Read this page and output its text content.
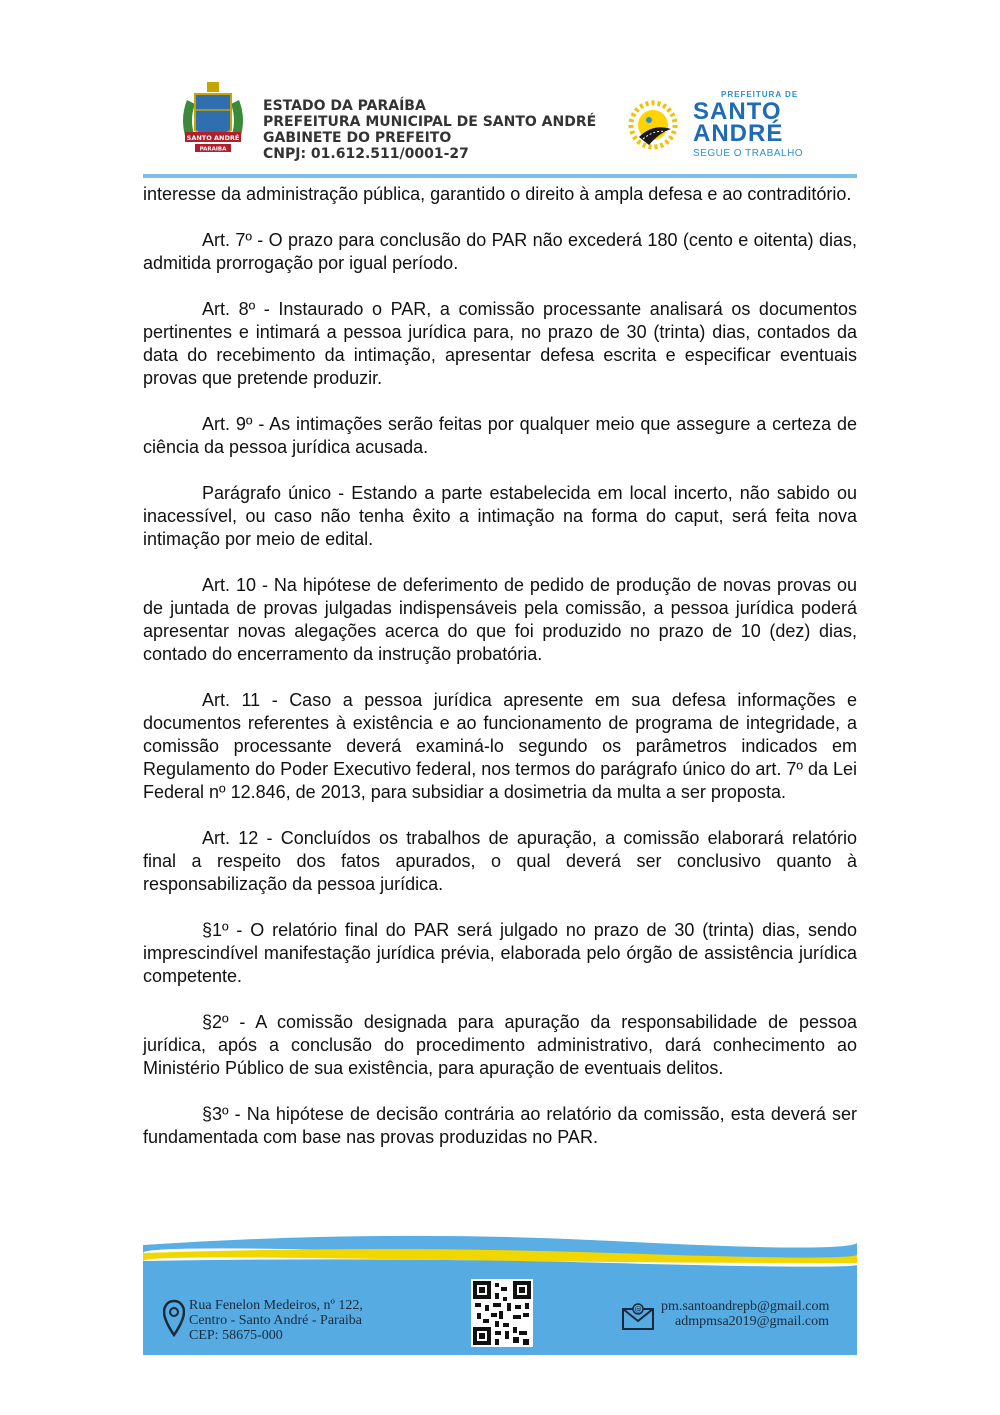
SANTO ANDRÉ
PARAIBA
ESTADO DA PARAÍBA
PREFEITURA MUNICIPAL DE SANTO ANDRÉ
GABINETE DO PREFEITO
CNPJ: 01.612.511/0001-27
PREFEITURA DE
SANTO
ANDRÉ
SEGUE O TRABALHO

interesse da administração pública, garantido o direito à ampla defesa e ao contraditório.

Art. 7º - O prazo para conclusão do PAR não excederá 180 (cento e oitenta) dias, admitida prorrogação por igual período.

Art. 8º - Instaurado o PAR, a comissão processante analisará os documentos pertinentes e intimará a pessoa jurídica para, no prazo de 30 (trinta) dias, contados da data do recebimento da intimação, apresentar defesa escrita e especificar eventuais provas que pretende produzir.

Art. 9º - As intimações serão feitas por qualquer meio que assegure a certeza de ciência da pessoa jurídica acusada.

Parágrafo único - Estando a parte estabelecida em local incerto, não sabido ou inacessível, ou caso não tenha êxito a intimação na forma do caput, será feita nova intimação por meio de edital.

Art. 10 - Na hipótese de deferimento de pedido de produção de novas provas ou de juntada de provas julgadas indispensáveis pela comissão, a pessoa jurídica poderá apresentar novas alegações acerca do que foi produzido no prazo de 10 (dez) dias, contado do encerramento da instrução probatória.

Art. 11 - Caso a pessoa jurídica apresente em sua defesa informações e documentos referentes à existência e ao funcionamento de programa de integridade, a comissão processante deverá examiná-lo segundo os parâmetros indicados em Regulamento do Poder Executivo federal, nos termos do parágrafo único do art. 7º da Lei Federal nº 12.846, de 2013, para subsidiar a dosimetria da multa a ser proposta.

Art. 12 - Concluídos os trabalhos de apuração, a comissão elaborará relatório final a respeito dos fatos apurados, o qual deverá ser conclusivo quanto à responsabilização da pessoa jurídica.

§1º - O relatório final do PAR será julgado no prazo de 30 (trinta) dias, sendo imprescindível manifestação jurídica prévia, elaborada pelo órgão de assistência jurídica competente.

§2º - A comissão designada para apuração da responsabilidade de pessoa jurídica, após a conclusão do procedimento administrativo, dará conhecimento ao Ministério Público de sua existência, para apuração de eventuais delitos.

§3º - Na hipótese de decisão contrária ao relatório da comissão, esta deverá ser fundamentada com base nas provas produzidas no PAR.

Rua Fenelon Medeiros, nº 122,
Centro - Santo André - Paraiba
CEP: 58675-000
@ pm.santoandrepb@gmail.com
admpmsa2019@gmail.com
